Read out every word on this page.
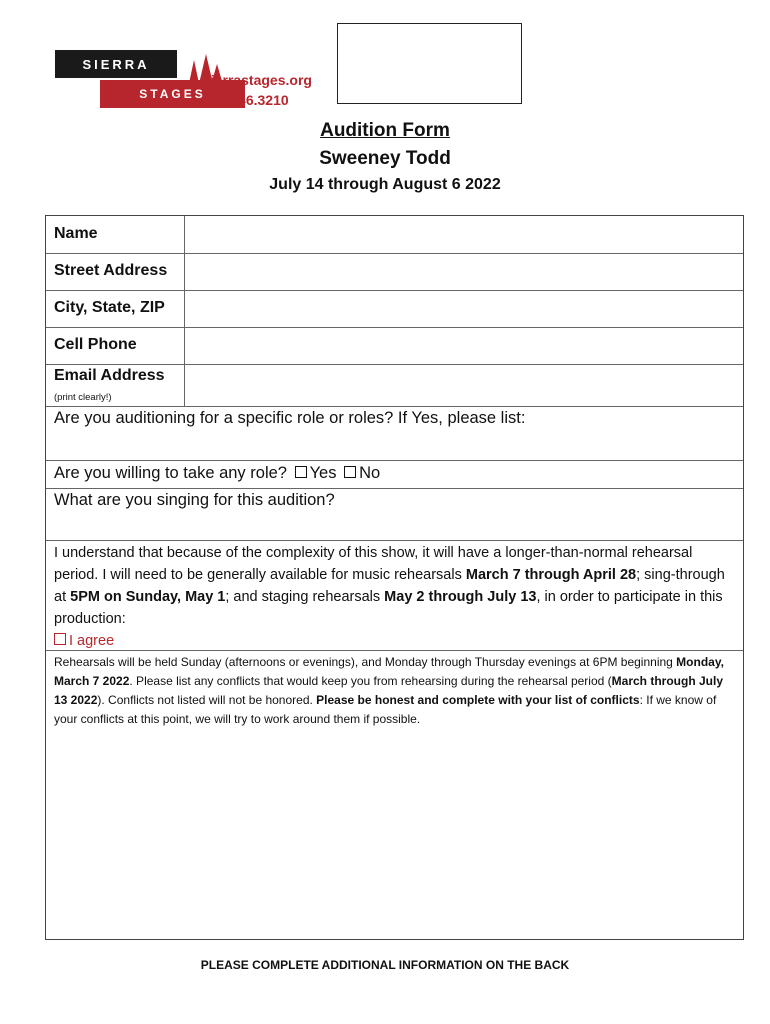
SIERRA
STAGES
sierrastages.org
530.346.3210
Audition Form
Sweeney Todd
July 14 through August 6 2022
Name
Street Address
City, State, ZIP
Cell Phone
Email Address
(print clearly!)
Are you auditioning for a specific role or roles? If Yes, please list:
Are you willing to take any role? Yes No
What are you singing for this audition?
I understand that because of the complexity of this show, it will have a longer-than-normal rehearsal period. I will need to be generally available for music rehearsals March 7 through April 28; sing-through at 5PM on Sunday, May 1; and staging rehearsals May 2 through July 13, in order to participate in this production:
I agree
Rehearsals will be held Sunday (afternoons or evenings), and Monday through Thursday evenings at 6PM beginning Monday, March 7 2022. Please list any conflicts that would keep you from rehearsing during the rehearsal period (March through July 13 2022). Conflicts not listed will not be honored. Please be honest and complete with your list of conflicts: If we know of your conflicts at this point, we will try to work around them if possible.
PLEASE COMPLETE ADDITIONAL INFORMATION ON THE BACK
